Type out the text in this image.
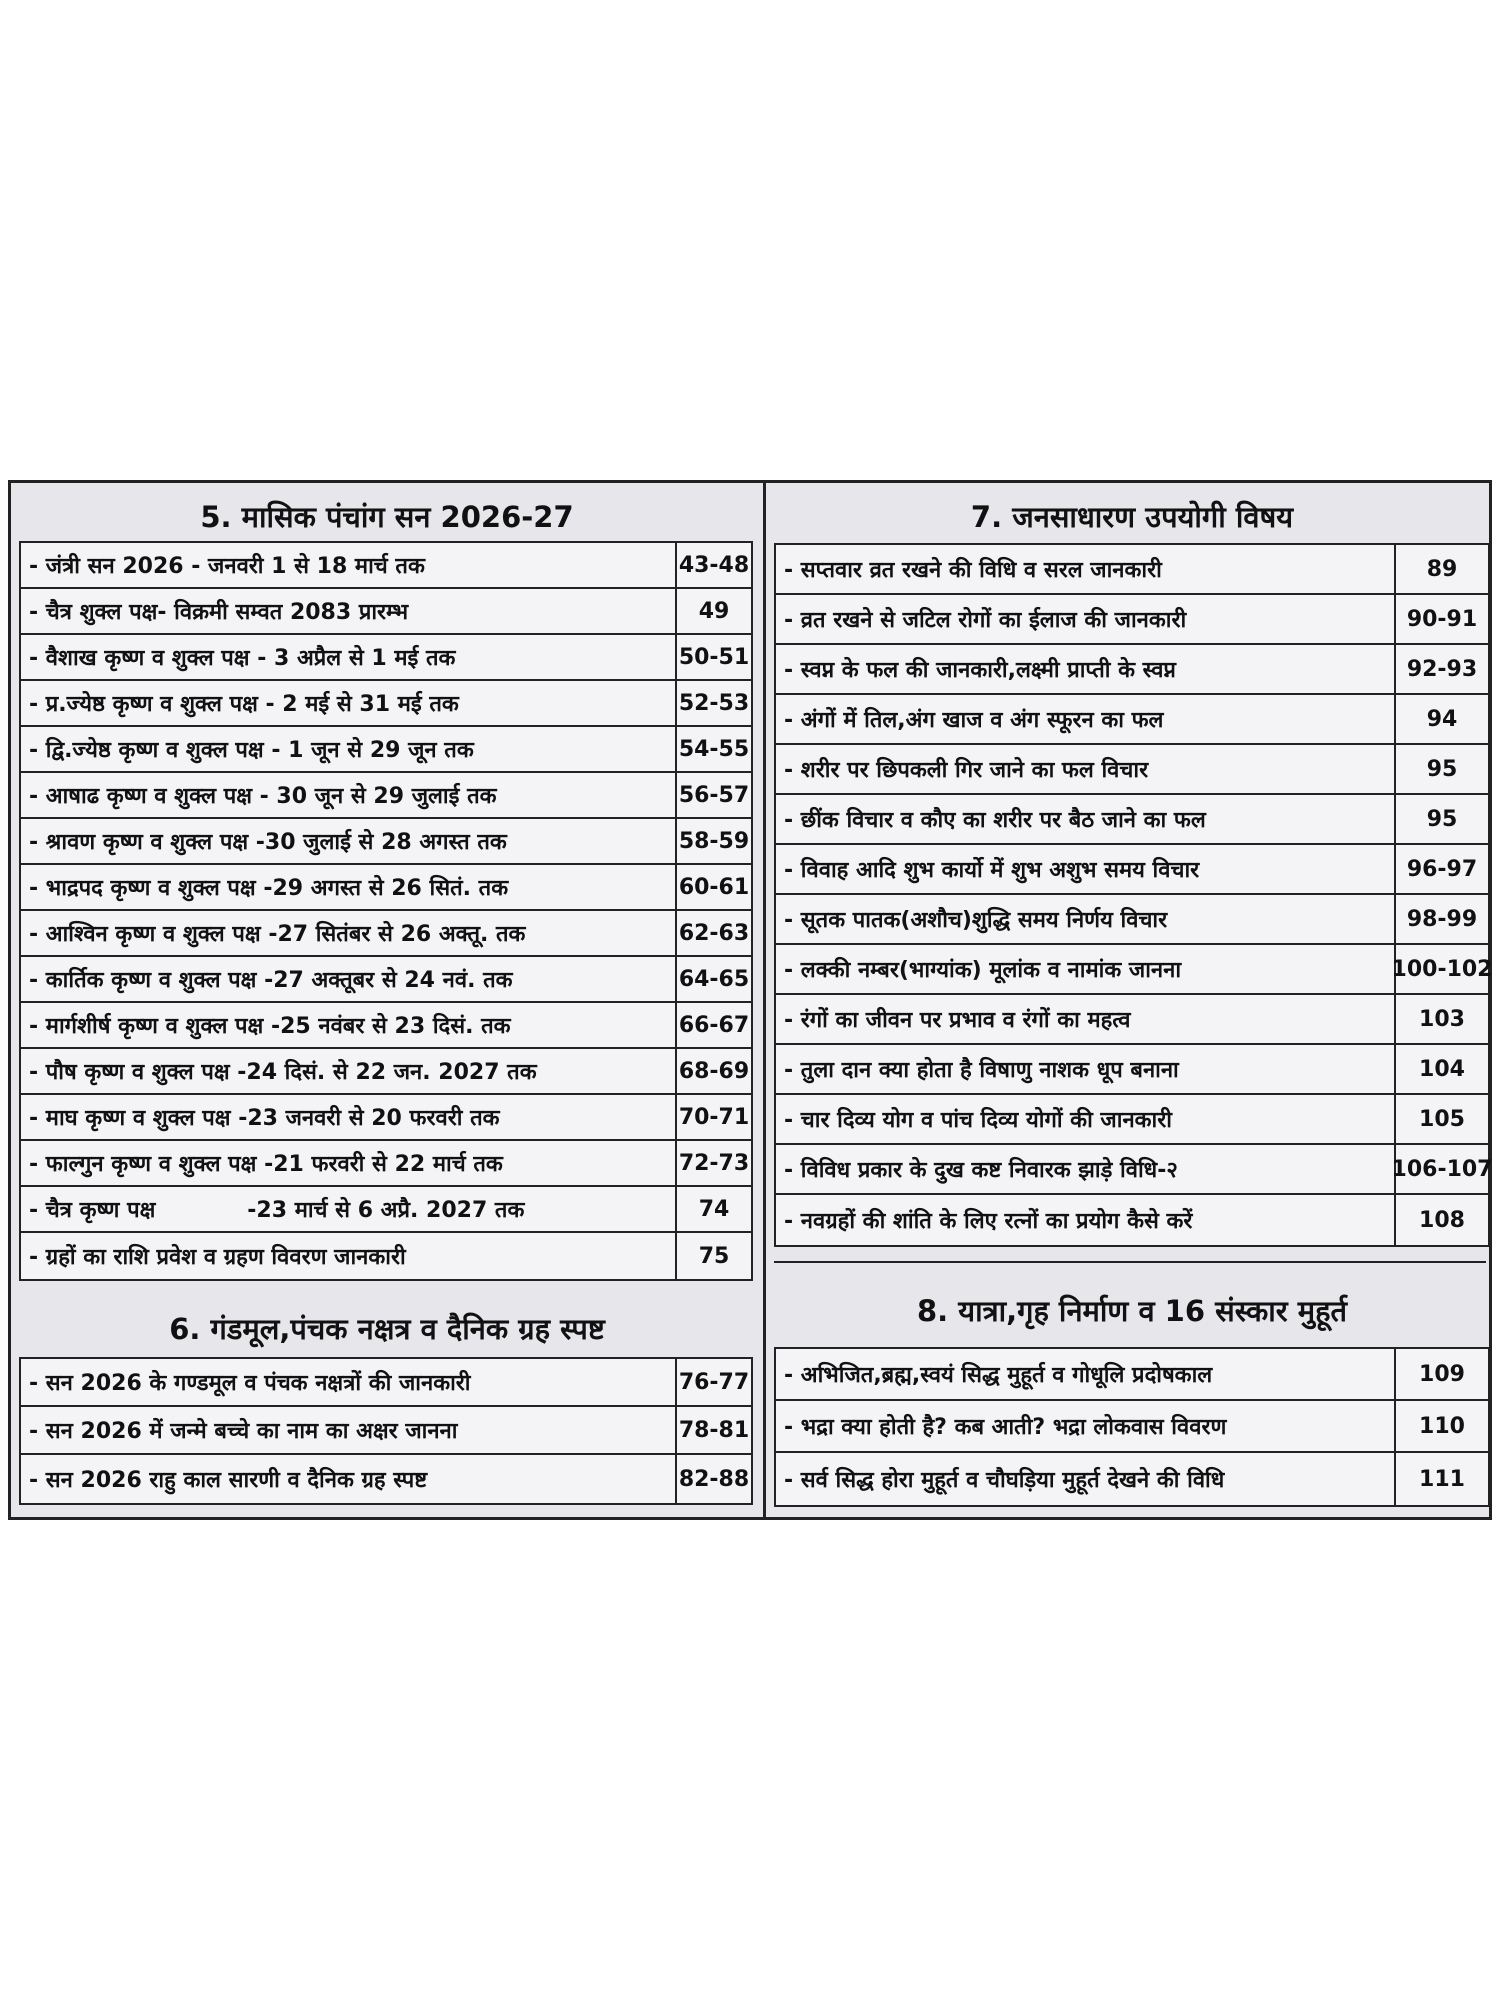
5. मासिक पंचांग सन 2026-27
- जंत्री सन 2026 - जनवरी 1 से 18 मार्च तक	43-48
- चैत्र शुक्ल पक्ष- विक्रमी सम्वत 2083 प्रारम्भ	49
- वैशाख कृष्ण व शुक्ल पक्ष - 3 अप्रैल से 1 मई तक	50-51
- प्र.ज्येष्ठ कृष्ण व शुक्ल पक्ष - 2 मई से 31 मई तक	52-53
- द्वि.ज्येष्ठ कृष्ण व शुक्ल पक्ष - 1 जून से 29 जून तक	54-55
- आषाढ कृष्ण व शुक्ल पक्ष - 30 जून से 29 जुलाई तक	56-57
- श्रावण कृष्ण व शुक्ल पक्ष -30 जुलाई से 28 अगस्त तक	58-59
- भाद्रपद कृष्ण व शुक्ल पक्ष -29 अगस्त से 26 सितं. तक	60-61
- आश्विन कृष्ण व शुक्ल पक्ष -27 सितंबर से 26 अक्तू. तक	62-63
- कार्तिक कृष्ण व शुक्ल पक्ष -27 अक्तूबर से 24 नवं. तक	64-65
- मार्गशीर्ष कृष्ण व शुक्ल पक्ष -25 नवंबर से 23 दिसं. तक	66-67
- पौष कृष्ण व शुक्ल पक्ष -24 दिसं. से 22 जन. 2027 तक	68-69
- माघ कृष्ण व शुक्ल पक्ष -23 जनवरी से 20 फरवरी तक	70-71
- फाल्गुन कृष्ण व शुक्ल पक्ष -21 फरवरी से 22 मार्च तक	72-73
- चैत्र कृष्ण पक्ष            -23 मार्च से 6 अप्रै. 2027 तक	74
- ग्रहों का राशि प्रवेश व ग्रहण विवरण जानकारी	75
6. गंडमूल,पंचक नक्षत्र व दैनिक ग्रह स्पष्ट
- सन 2026 के गण्डमूल व पंचक नक्षत्रों की जानकारी	76-77
- सन 2026 में जन्मे बच्चे का नाम का अक्षर जानना	78-81
- सन 2026 राहु काल सारणी व दैनिक ग्रह स्पष्ट	82-88
7. जनसाधारण उपयोगी विषय
- सप्तवार व्रत रखने की विधि व सरल जानकारी	89
- व्रत रखने से जटिल रोगों का ईलाज की जानकारी	90-91
- स्वप्न के फल की जानकारी,लक्ष्मी प्राप्ती के स्वप्न	92-93
- अंगों में तिल,अंग खाज व अंग स्फूरन का फल	94
- शरीर पर छिपकली गिर जाने का फल विचार	95
- छींक विचार व कौए का शरीर पर बैठ जाने का फल	95
- विवाह आदि शुभ कार्यो में शुभ अशुभ समय विचार	96-97
- सूतक पातक(अशौच)शुद्धि समय निर्णय विचार	98-99
- लक्की नम्बर(भाग्यांक) मूलांक व नामांक जानना	100-102
- रंगों का जीवन पर प्रभाव व रंगों का महत्व	103
- तुला दान क्या होता है विषाणु नाशक धूप बनाना	104
- चार दिव्य योग व पांच दिव्य योगों की जानकारी	105
- विविध प्रकार के दुख कष्ट निवारक झाड़े विधि-२	106-107
- नवग्रहों की शांति के लिए रत्नों का प्रयोग कैसे करें	108
8. यात्रा,गृह निर्माण व 16 संस्कार मुहूर्त
- अभिजित,ब्रह्म,स्वयं सिद्ध मुहूर्त व गोधूलि प्रदोषकाल	109
- भद्रा क्या होती है? कब आती? भद्रा लोकवास विवरण	110
- सर्व सिद्ध होरा मुहूर्त व चौघड़िया मुहूर्त देखने की विधि	111
